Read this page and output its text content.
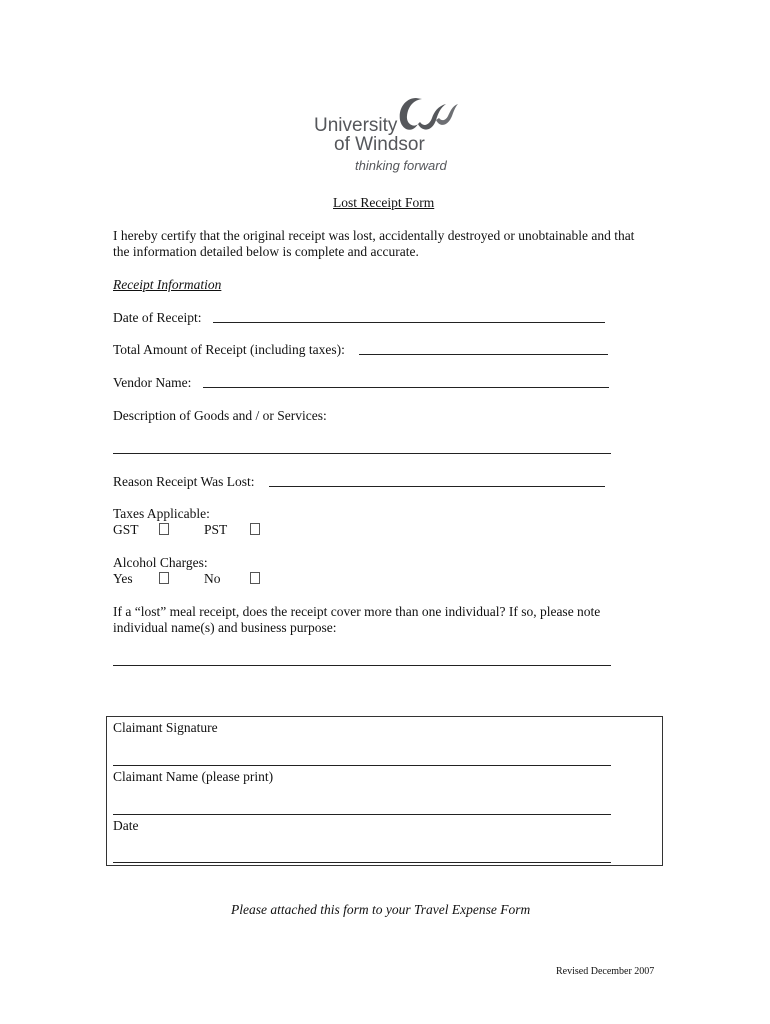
University
of Windsor
thinking forward
Lost Receipt Form
I hereby certify that the original receipt was lost, accidentally destroyed or unobtainable and that
the information detailed below is complete and accurate.
Receipt Information
Date of Receipt:
Total Amount of Receipt (including taxes):
Vendor Name:
Description of Goods and / or Services:
Reason Receipt Was Lost:
Taxes Applicable:
GST	PST
Alcohol Charges:
Yes	No
If a “lost” meal receipt, does the receipt cover more than one individual? If so, please note
individual name(s) and business purpose:
Claimant Signature
Claimant Name (please print)
Date
Please attached this form to your Travel Expense Form
Revised December 2007
